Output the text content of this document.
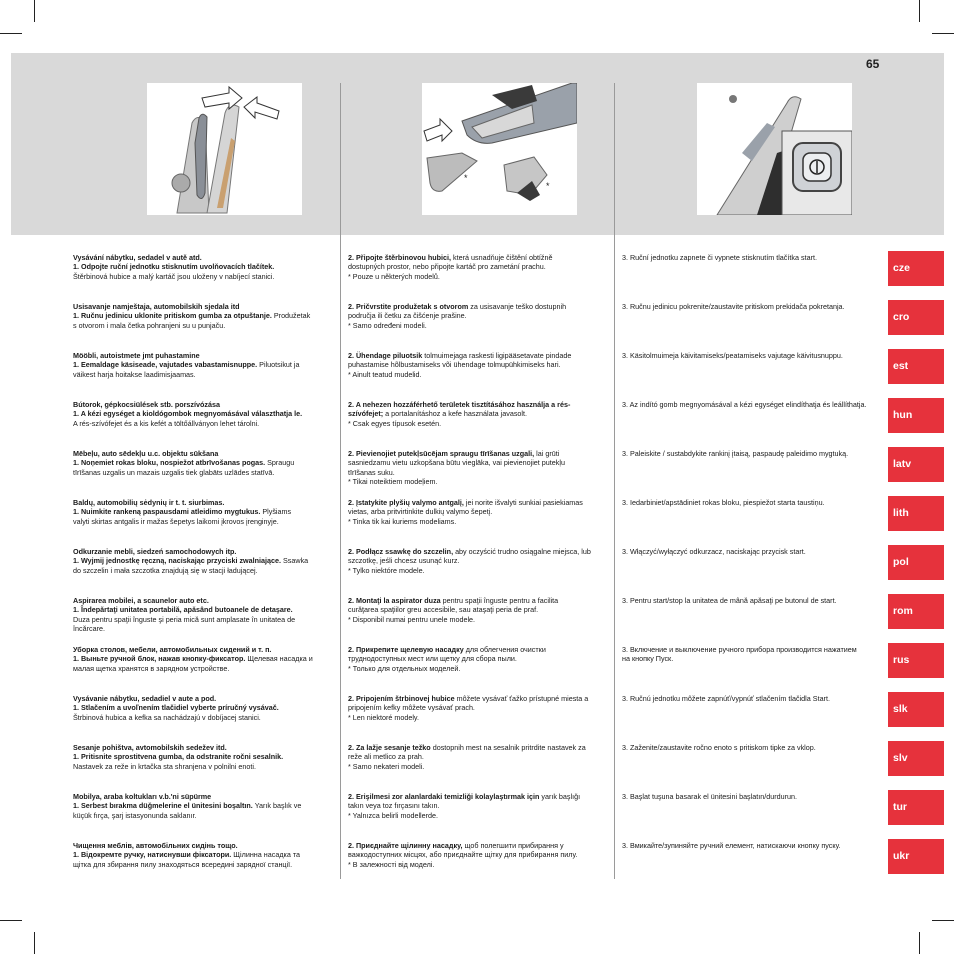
65
*
*
Vysávání nábytku, sedadel v autě atd.
1. Odpojte ruční jednotku stisknutím uvolňovacích tlačítek.
Štěrbinová hubice a malý kartáč jsou uloženy v nabíjecí stanici.
2. Připojte štěrbinovou hubici, která usnadňuje čištění obtížně
dostupných prostor, nebo připojte kartáč pro zametání prachu.
* Pouze u některých modelů.
3. Ruční jednotku zapnete či vypnete stisknutím tlačítka start.
cze
Usisavanje namještaja, automobilskih sjedala itd
1. Ručnu jedinicu uklonite pritiskom gumba za otpuštanje. Produžetak
s otvorom i mala četka pohranjeni su u punjaču.
2. Pričvrstite produžetak s otvorom za usisavanje teško dostupnih
područja ili četku za čišćenje prašine.
* Samo određeni modeli.
3. Ručnu jedinicu pokrenite/zaustavite pritiskom prekidača pokretanja.
cro
Mööbli, autoistmete jmt puhastamine
1. Eemaldage käsiseade, vajutades vabastamisnuppe. Piluotsikut ja
väikest harja hoitakse laadimisjaamas.
2. Ühendage piluotsik tolmuimejaga raskesti ligipääsetavate pindade
puhastamise hõlbustamiseks või ühendage tolmupühkimiseks hari.
* Ainult teatud mudelid.
3. Käsitolmuimeja käivitamiseks/peatamiseks vajutage käivitusnuppu.
est
Bútorok, gépkocsiülések stb. porszívózása
1. A kézi egységet a kioldógombok megnyomásával választhatja le.
A rés-szívófejet és a kis kefét a töltőállványon lehet tárolni.
2. A nehezen hozzáférhető területek tisztításához használja a rés-
szívófejet; a portalanításhoz a kefe használata javasolt.
* Csak egyes típusok esetén.
3. Az indító gomb megnyomásával a kézi egységet elindíthatja és leállíthatja.
hun
Mēbeļu, auto sēdekļu u.c. objektu sūkšana
1. Noņemiet rokas bloku, nospiežot atbrīvošanas pogas. Spraugu
tīrīšanas uzgalis un mazais uzgalis tiek glabāts uzlādes statīvā.
2. Pievienojiet putekļsūcējam spraugu tīrīšanas uzgali, lai grūti
sasniedzamu vietu uzkopšana būtu vieglāka, vai pievienojiet putekļu
tīrīšanas suku.
* Tikai noteiktiem modeļiem.
3. Paleiskite / sustabdykite rankinį įtaisą, paspaudę paleidimo mygtuką.
latv
Baldų, automobilių sėdynių ir t. t. siurbimas.
1. Nuimkite rankeną paspausdami atleidimo mygtukus. Plyšiams
valyti skirtas antgalis ir mažas šepetys laikomi įkrovos įrenginyje.
2. Įstatykite plyšių valymo antgalį, jei norite išvalyti sunkiai pasiekiamas
vietas, arba pritvirtinkite dulkių valymo šepetį.
* Tinka tik kai kuriems modeliams.
3. Iedarbiniet/apstādiniet rokas bloku, piespiežot starta taustiņu.
lith
Odkurzanie mebli, siedzeń samochodowych itp.
1. Wyjmij jednostkę ręczną, naciskając przyciski zwalniające. Ssawka
do szczelin i mała szczotka znajdują się w stacji ładującej.
2. Podłącz ssawkę do szczelin, aby oczyścić trudno osiągalne miejsca, lub
szczotkę, jeśli chcesz usunąć kurz.
* Tylko niektóre modele.
3. Włączyć/wyłączyć odkurzacz, naciskając przycisk start.
pol
Aspirarea mobilei, a scaunelor auto etc.
1. Îndepărtaţi unitatea portabilă, apăsând butoanele de detaşare.
Duza pentru spaţii înguste şi peria mică sunt amplasate în unitatea de
încărcare.
2. Montaţi la aspirator duza pentru spaţii înguste pentru a facilita
curăţarea spaţiilor greu accesibile, sau ataşaţi peria de praf.
* Disponibil numai pentru unele modele.
3. Pentru start/stop la unitatea de mână apăsaţi pe butonul de start.
rom
Уборка столов, мебели, автомобильных сидений и т. п.
1. Выньте ручной блок, нажав кнопку-фиксатор. Щелевая насадка и
малая щетка хранятся в зарядном устройстве.
2. Прикрепите щелевую насадку для облегчения очистки
труднодоступных мест или щетку для сбора пыли.
* Только для отдельных моделей.
3. Включение и выключение ручного прибора производится нажатием
на кнопку Пуск.	rus
Vysávanie nábytku, sedadiel v aute a pod.
1. Stlačením a uvoľnením tlačidiel vyberte príručný vysávač.
Štrbinová hubica a kefka sa nachádzajú v dobíjacej stanici.
2. Pripojením štrbinovej hubice môžete vysávať ťažko prístupné miesta a
pripojením kefky môžete vysávať prach.
* Len niektoré modely.
3. Ručnú jednotku môžete zapnúť/vypnúť stlačením tlačidla Start.
slk
Sesanje pohištva, avtomobilskih sedežev itd.
1. Pritisnite sprostitvena gumba, da odstranite ročni sesalnik.
Nastavek za reže in krtačka sta shranjena v polnilni enoti.
2. Za lažje sesanje težko dostopnih mest na sesalnik pritrdite nastavek za
reže ali metlico za prah.
* Samo nekateri modeli.
3. Zaženite/zaustavite ročno enoto s pritiskom tipke za vklop.
slv
Mobilya, araba koltukları v.b.'ni süpürme
1. Serbest bırakma düğmelerine el ünitesini boşaltın. Yarık başlık ve
küçük fırça, şarj istasyonunda saklanır.
2. Erişilmesi zor alanlardaki temizliği kolaylaştırmak için yarık başlığı
takın veya toz fırçasını takın.
* Yalnızca belirli modellerde.
3. Başlat tuşuna basarak el ünitesini başlatın/durdurun.
tur
Чищення меблів, автомобільних сидінь тощо.
1. Відокремте ручку, натиснувши фіксатори. Щілинна насадка та
щітка для збирання пилу знаходяться всередині зарядної станції.
2. Приєднайте щілинну насадку, щоб полегшити прибирання у
важкодоступних місцях, або приєднайте щітку для прибирання пилу.
* В залежності від моделі.
3. Вмикайте/зупиняйте ручний елемент, натискаючи кнопку пуску.
ukr
